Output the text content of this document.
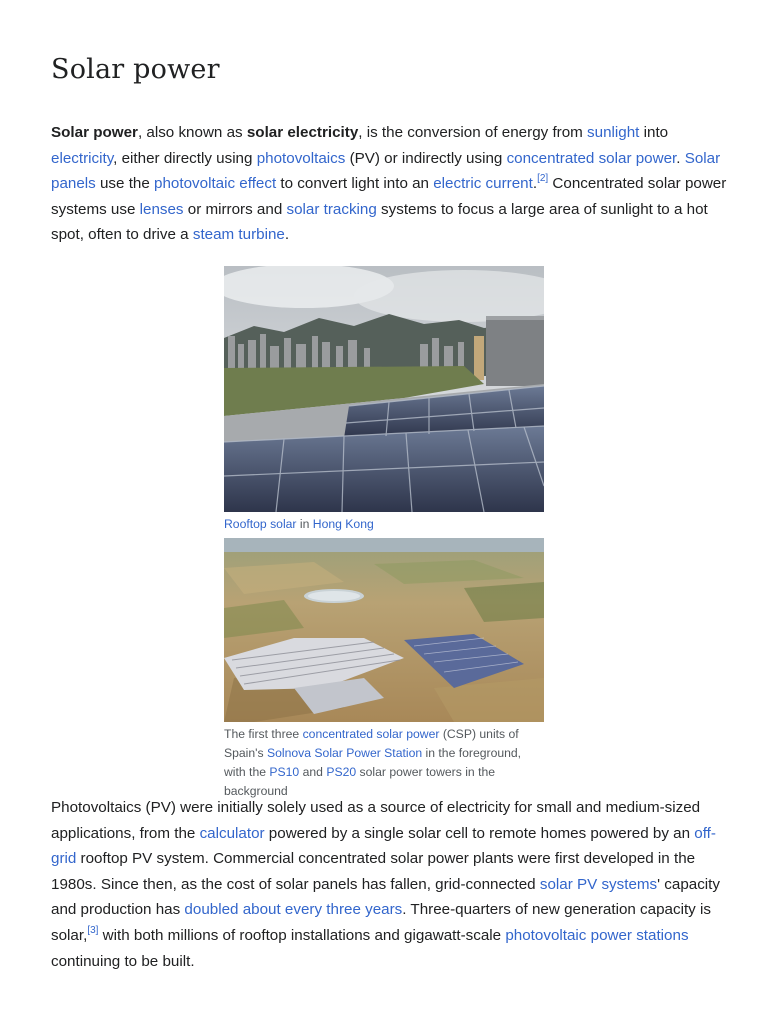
Solar power

Solar power, also known as solar electricity, is the conversion of energy from sunlight into electricity, either directly using photovoltaics (PV) or indirectly using concentrated solar power. Solar panels use the photovoltaic effect to convert light into an electric current.[2] Concentrated solar power systems use lenses or mirrors and solar tracking systems to focus a large area of sunlight to a hot spot, often to drive a steam turbine.

Rooftop solar in Hong Kong
The first three concentrated solar power (CSP) units of Spain's Solnova Solar Power Station in the foreground, with the PS10 and PS20 solar power towers in the background

Photovoltaics (PV) were initially solely used as a source of electricity for small and medium-sized applications, from the calculator powered by a single solar cell to remote homes powered by an off-grid rooftop PV system. Commercial concentrated solar power plants were first developed in the 1980s. Since then, as the cost of solar panels has fallen, grid-connected solar PV systems' capacity and production has doubled about every three years. Three-quarters of new generation capacity is solar,[3] with both millions of rooftop installations and gigawatt-scale photovoltaic power stations continuing to be built.
